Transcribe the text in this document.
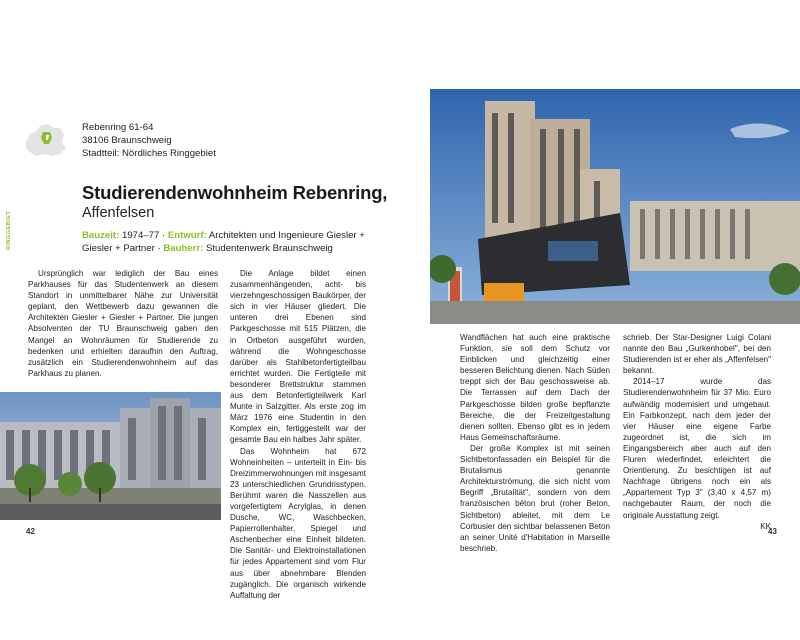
Rebenring 61-64
38106 Braunschweig
Stadtteil: Nördliches Ringgebiet
RINGGEBIET
Studierendenwohnheim Rebenring,
Affenfelsen
Bauzeit: 1974–77 · Entwurf: Architekten und Ingenieure Giesler + Giesler + Partner · Bauherr: Studentenwerk Braunschweig

Ursprünglich war lediglich der Bau eines Parkhauses für das Studentenwerk an diesem Standort in unmittelbarer Nähe zur Universität geplant, den Wettbewerb dazu gewannen die Architekten Giesler + Giesler + Partner. Die jungen Absolventen der TU Braunschweig gaben den Mangel an Wohnräumen für Studierende zu bedenken und erhielten daraufhin den Auftrag, zusätzlich ein Studierendenwohnheim auf das Parkhaus zu planen.

Die Anlage bildet einen zusammenhängenden, acht- bis vierzehngeschossigen Baukörper, der sich in vier Häuser gliedert. Die unteren drei Ebenen sind Parkgeschosse mit 515 Plätzen, die in Ortbeton ausgeführt wurden, während die Wohngeschosse darüber als Stahlbetonfertigteilbau errichtet wurden. Die Fertigteile mit besonderer Brettstruktur stammen aus dem Betonfertigteilwerk Karl Munte in Salzgitter. Als erste zog im März 1976 eine Studentin in den Komplex ein, fertiggestellt war der gesamte Bau ein halbes Jahr später.

Das Wohnheim hat 672 Wohneinheiten – unterteilt in Ein- bis Dreizimmerwohnungen mit insgesamt 23 unterschiedlichen Grundrisstypen. Berühmt waren die Nasszellen aus vorgefertigtem Acrylglas, in denen Dusche, WC, Waschbecken, Papierrollenhalter, Spiegel und Aschenbecher eine Einheit bildeten. Die Sanitär- und Elektroinstallationen für jedes Appartement sind vom Flur aus über abnehmbare Blenden zugänglich. Die organisch wirkende Auffaltung der

Wandflächen hat auch eine praktische Funktion, sie soll dem Schutz vor Einblicken und gleichzeitig einer besseren Belichtung dienen. Nach Süden treppt sich der Bau geschossweise ab. Die Terrassen auf dem Dach der Parkgeschosse bilden große bepflanzte Bereiche, die der Freizeitgestaltung dienen sollten. Ebenso gibt es in jedem Haus Gemeinschaftsräume.

Der große Komplex ist mit seinen Sichtbetonfassaden ein Beispiel für die Brutalismus genannte Architekturströmung, die sich nicht vom Begriff „Brutalität", sondern von dem französischen béton brut (roher Beton, Sichtbeton) ableitet, mit dem Le Corbusier den sichtbar belassenen Beton an seiner Unité d'Habitation in Marseille beschrieb.

schrieb. Der Star-Designer Luigi Colani nannte den Bau „Gurkenhobel", bei den Studierenden ist er eher als „Affenfelsen" bekannt.

2014–17 wurde das Studierendenwohnheim für 37 Mio. Euro aufwändig modernisiert und umgebaut. Ein Farbkonzept, nach dem jeder der vier Häuser eine eigene Farbe zugeordnet ist, die sich im Eingangsbereich aber auch auf den Fluren wiederfindet, erleichtert die Orientierung. Zu besichtigen ist auf Nachfrage übrigens noch ein als „Appartement Typ 3" (3,40 x 4,57 m) nachgebauter Raum, der noch die originale Ausstattung zeigt.

KK

42	43
